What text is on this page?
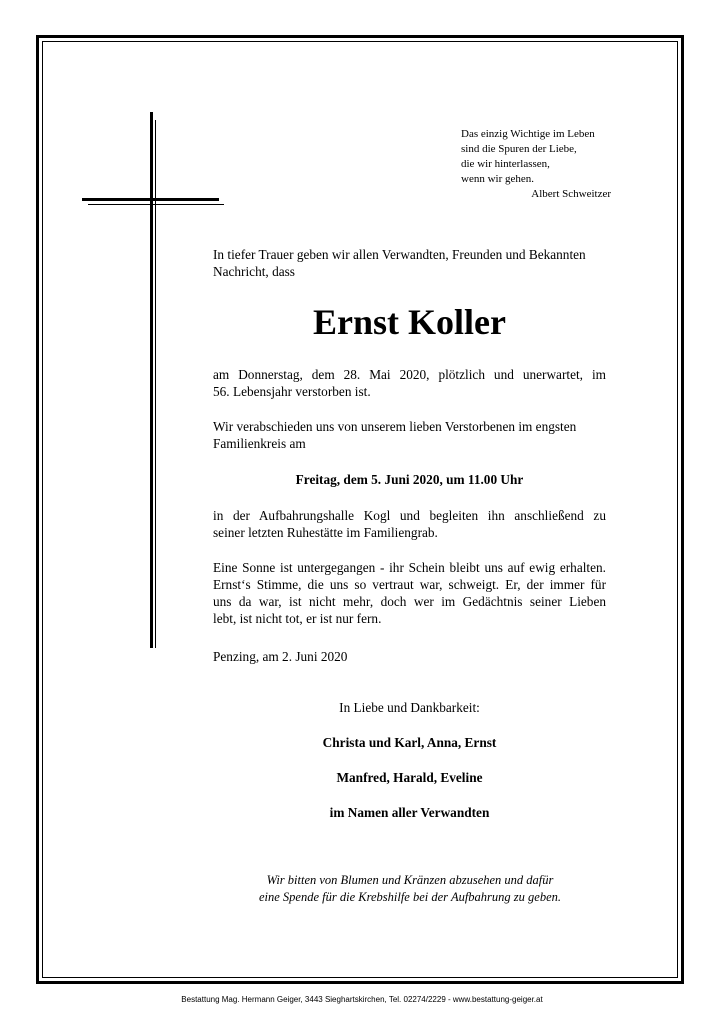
Das einzig Wichtige im Leben
sind die Spuren der Liebe,
die wir hinterlassen,
wenn wir gehen.
Albert Schweitzer

In tiefer Trauer geben wir allen Verwandten, Freunden und Bekannten
Nachricht, dass

Ernst Koller

am Donnerstag, dem 28. Mai 2020, plötzlich und unerwartet, im
56. Lebensjahr verstorben ist.

Wir verabschieden uns von unserem lieben Verstorbenen im engsten
Familienkreis am

Freitag, dem 5. Juni 2020, um 11.00 Uhr

in der Aufbahrungshalle Kogl und begleiten ihn anschließend zu
seiner letzten Ruhestätte im Familiengrab.

Eine Sonne ist untergegangen - ihr Schein bleibt uns auf ewig erhalten.
Ernst‘s Stimme, die uns so vertraut war, schweigt. Er, der immer für
uns da war, ist nicht mehr, doch wer im Gedächtnis seiner Lieben
lebt, ist nicht tot, er ist nur fern.

Penzing, am 2. Juni 2020

In Liebe und Dankbarkeit:
Christa und Karl, Anna, Ernst
Manfred, Harald, Eveline
im Namen aller Verwandten
Wir bitten von Blumen und Kränzen abzusehen und dafür
eine Spende für die Krebshilfe bei der Aufbahrung zu geben.
Bestattung Mag. Hermann Geiger, 3443 Sieghartskirchen, Tel. 02274/2229 - www.bestattung-geiger.at
